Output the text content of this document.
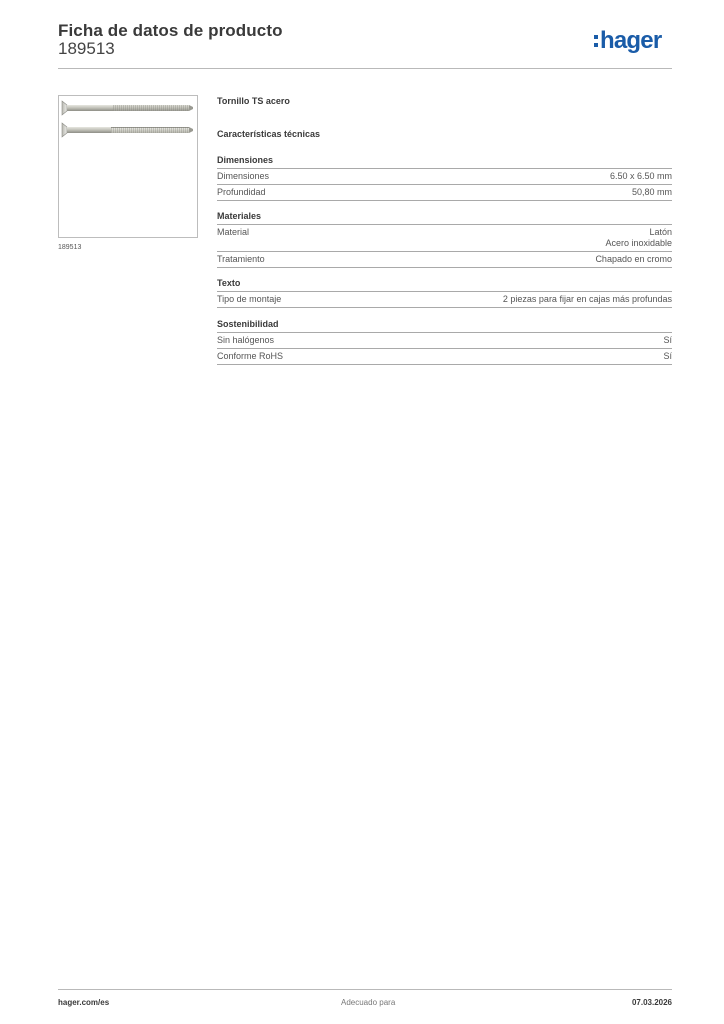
Ficha de datos de producto
189513	hager
189513
Tornillo TS acero
Características técnicas
Dimensiones
Dimensiones	6.50 x 6.50 mm
Profundidad	50,80 mm
Materiales
Material	Latón
Acero inoxidable
Tratamiento	Chapado en cromo
Texto
Tipo de montaje	2 piezas para fijar en cajas más profundas
Sostenibilidad
Sin halógenos	Sí
Conforme RoHS	Sí
hager.com/es	Adecuado para	07.03.2026
